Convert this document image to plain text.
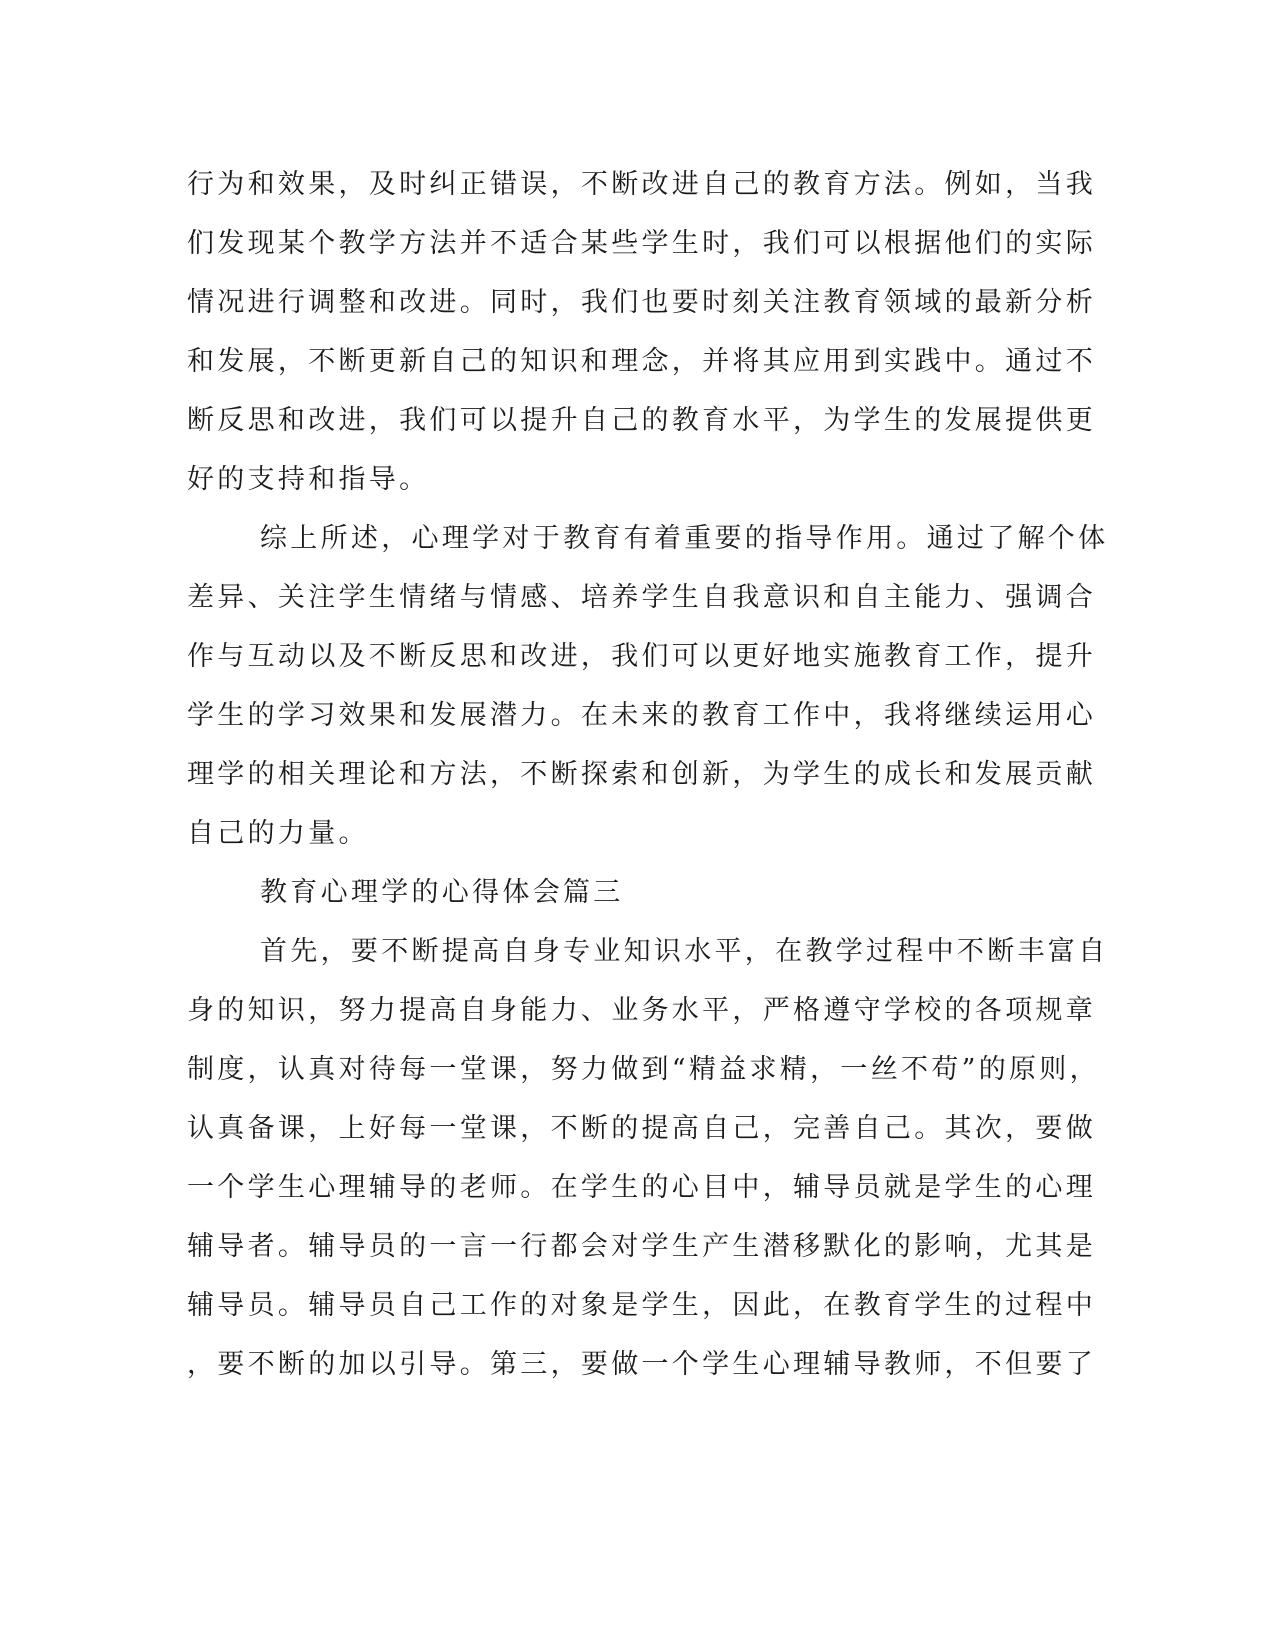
行为和效果，及时纠正错误，不断改进自己的教育方法。例如，当我
们发现某个教学方法并不适合某些学生时，我们可以根据他们的实际
情况进行调整和改进。同时，我们也要时刻关注教育领域的最新分析
和发展，不断更新自己的知识和理念，并将其应用到实践中。通过不
断反思和改进，我们可以提升自己的教育水平，为学生的发展提供更
好的支持和指导。
综上所述，心理学对于教育有着重要的指导作用。通过了解个体
差异、关注学生情绪与情感、培养学生自我意识和自主能力、强调合
作与互动以及不断反思和改进，我们可以更好地实施教育工作，提升
学生的学习效果和发展潜力。在未来的教育工作中，我将继续运用心
理学的相关理论和方法，不断探索和创新，为学生的成长和发展贡献
自己的力量。
教育心理学的心得体会篇三
首先，要不断提高自身专业知识水平，在教学过程中不断丰富自
身的知识，努力提高自身能力、业务水平，严格遵守学校的各项规章
制度，认真对待每一堂课，努力做到“精益求精，一丝不苟”的原则，
认真备课，上好每一堂课，不断的提高自己，完善自己。其次，要做
一个学生心理辅导的老师。在学生的心目中，辅导员就是学生的心理
辅导者。辅导员的一言一行都会对学生产生潜移默化的影响，尤其是
辅导员。辅导员自己工作的对象是学生，因此，在教育学生的过程中
，要不断的加以引导。第三，要做一个学生心理辅导教师，不但要了
